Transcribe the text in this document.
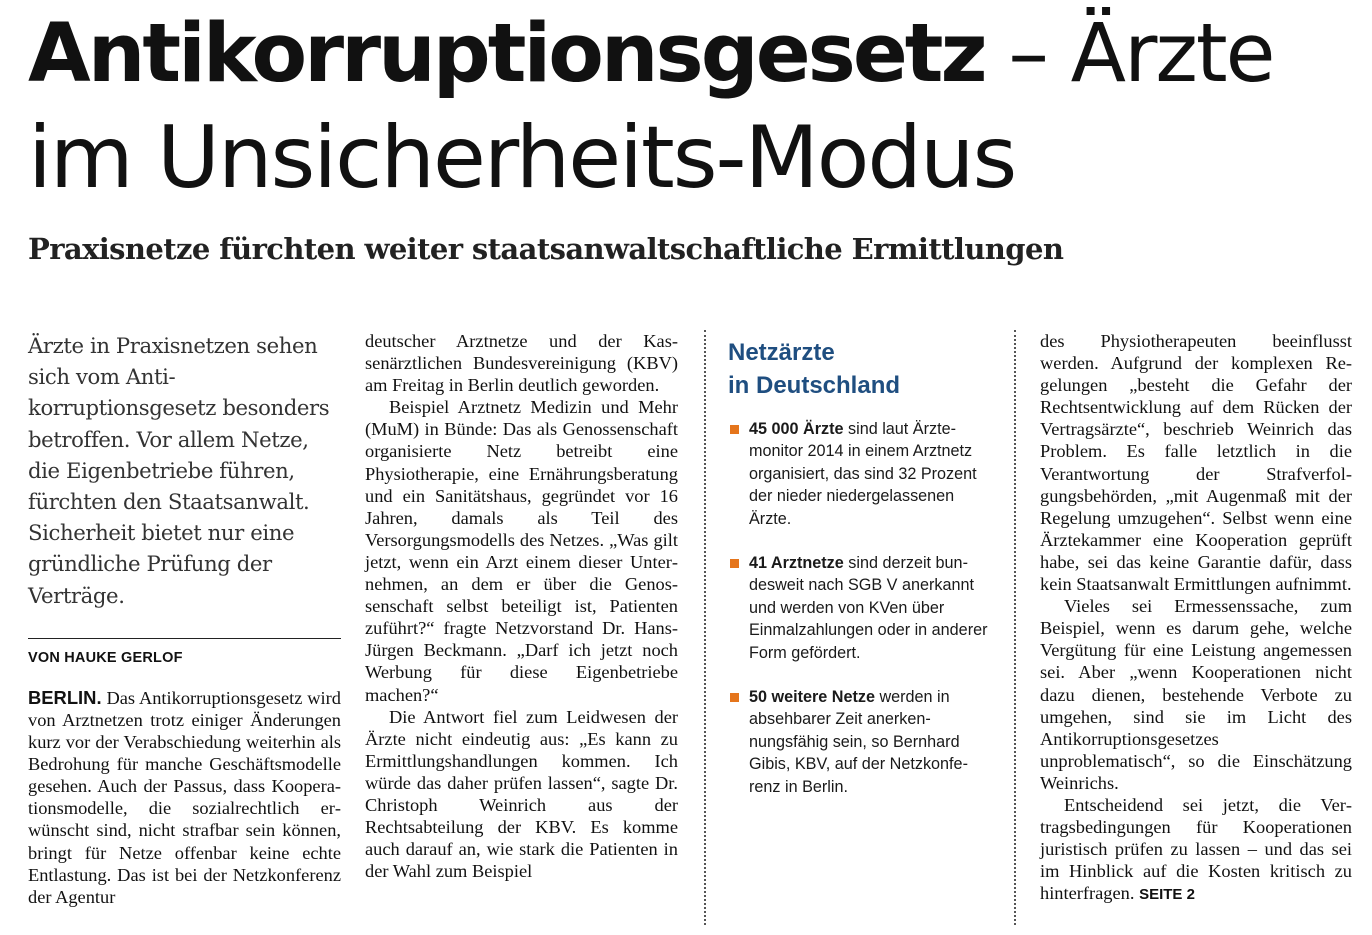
Antikorruptionsgesetz – Ärzte
im Unsicherheits-Modus
Praxisnetze fürchten weiter staatsanwaltschaftliche Ermittlungen

Ärzte in Praxisnetzen sehen sich vom Antikorruptionsgesetz besonders betroffen. Vor allem Netze, die Eigenbetriebe führen, fürchten den Staatsanwalt. Sicherheit bietet nur eine gründliche Prüfung der Verträge.

VON HAUKE GERLOF

BERLIN. Das Antikorruptionsgesetz wird von Arztnetzen trotz einiger Änderungen kurz vor der Verabschiedung weiterhin als Bedrohung für manche Geschäftsmodelle gesehen. Auch der Passus, dass Kooperationsmodelle, die sozialrechtlich erwünscht sind, nicht strafbar sein können, bringt für Netze offenbar keine echte Entlastung. Das ist bei der Netzkonferenz der Agentur

deutscher Arztnetze und der Kassenärztlichen Bundesvereinigung (KBV) am Freitag in Berlin deutlich geworden.

Beispiel Arztnetz Medizin und Mehr (MuM) in Bünde: Das als Genossenschaft organisierte Netz betreibt eine Physiotherapie, eine Ernährungsberatung und ein Sanitätshaus, gegründet vor 16 Jahren, damals als Teil des Versorgungsmodells des Netzes. „Was gilt jetzt, wenn ein Arzt einem dieser Unternehmen, an dem er über die Genossenschaft selbst beteiligt ist, Patienten zuführt?“ fragte Netzvorstand Dr. Hans-Jürgen Beckmann. „Darf ich jetzt noch Werbung für diese Eigenbetriebe machen?“

Die Antwort fiel zum Leidwesen der Ärzte nicht eindeutig aus: „Es kann zu Ermittlungshandlungen kommen. Ich würde das daher prüfen lassen“, sagte Dr. Christoph Weinrich aus der Rechtsabteilung der KBV. Es komme auch darauf an, wie stark die Patienten in der Wahl zum Beispiel

Netzärzte
in Deutschland
45 000 Ärzte sind laut Ärztemonitor 2014 in einem Arztnetz organisiert, das sind 32 Prozent der nieder niedergelassenen Ärzte.
41 Arztnetze sind derzeit bundesweit nach SGB V anerkannt und werden von KVen über Einmalzahlungen oder in anderer Form gefördert.
50 weitere Netze werden in absehbarer Zeit anerkennungsfähig sein, so Bernhard Gibis, KBV, auf der Netzkonferenz in Berlin.

des Physiotherapeuten beeinflusst werden. Aufgrund der komplexen Regelungen „besteht die Gefahr der Rechtsentwicklung auf dem Rücken der Vertragsärzte“, beschrieb Weinrich das Problem. Es falle letztlich in die Verantwortung der Strafverfolgungsbehörden, „mit Augenmaß mit der Regelung umzugehen“. Selbst wenn eine Ärztekammer eine Kooperation geprüft habe, sei das keine Garantie dafür, dass kein Staatsanwalt Ermittlungen aufnimmt.

Vieles sei Ermessenssache, zum Beispiel, wenn es darum gehe, welche Vergütung für eine Leistung angemessen sei. Aber „wenn Kooperationen nicht dazu dienen, bestehende Verbote zu umgehen, sind sie im Licht des Antikorruptionsgesetzes unproblematisch“, so die Einschätzung Weinrichs.

Entscheidend sei jetzt, die Vertragsbedingungen für Kooperationen juristisch prüfen zu lassen – und das sei im Hinblick auf die Kosten kritisch zu hinterfragen. SEITE 2
